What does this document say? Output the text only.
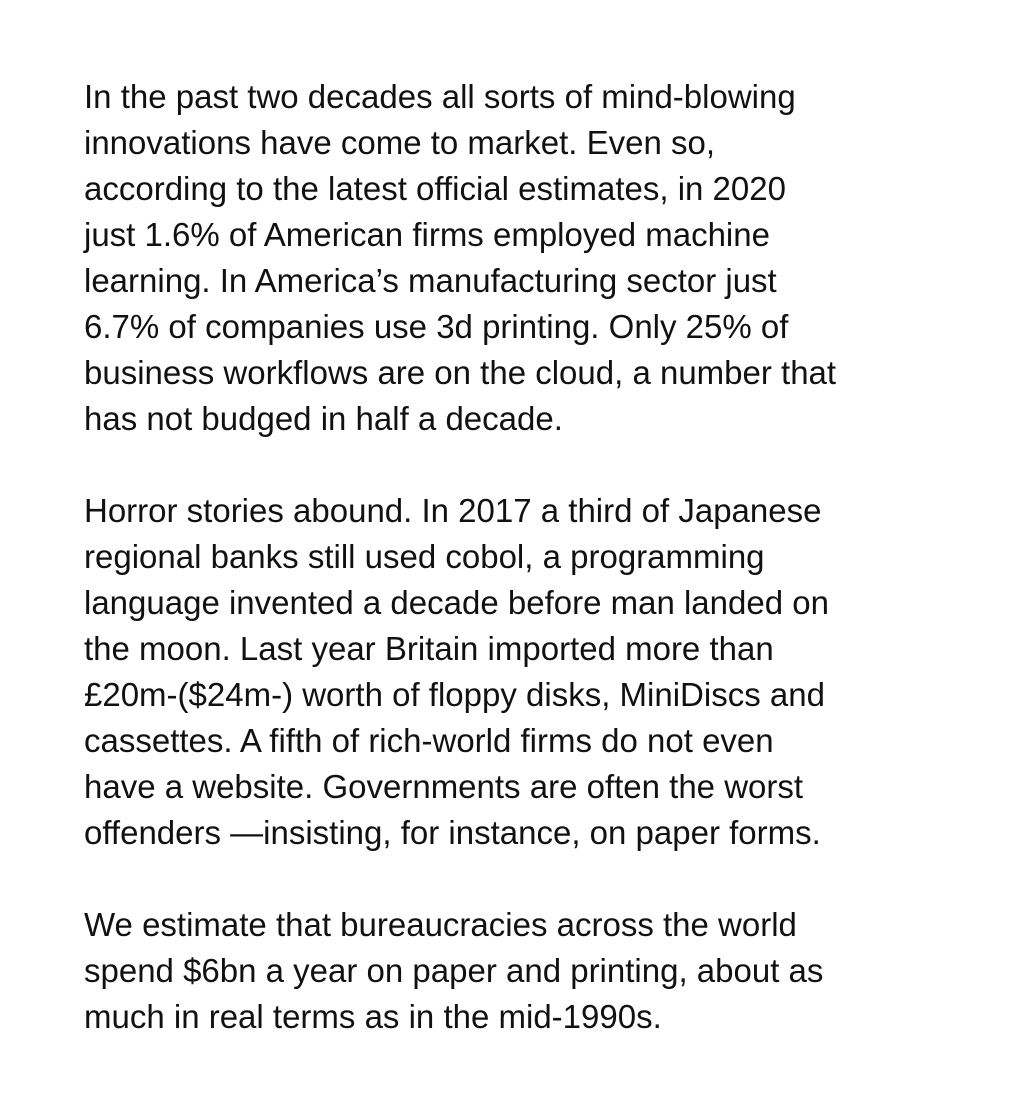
In the past two decades all sorts of mind-blowing
innovations have come to market. Even so,
according to the latest official estimates, in 2020
just 1.6% of American firms employed machine
learning. In America’s manufacturing sector just
6.7% of companies use 3d printing. Only 25% of
business workflows are on the cloud, a number that
has not budged in half a decade.
Horror stories abound. In 2017 a third of Japanese
regional banks still used cobol, a programming
language invented a decade before man landed on
the moon. Last year Britain imported more than
£20m-($24m-) worth of floppy disks, MiniDiscs and
cassettes. A fifth of rich-world firms do not even
have a website. Governments are often the worst
offenders —insisting, for instance, on paper forms.
We estimate that bureaucracies across the world
spend $6bn a year on paper and printing, about as
much in real terms as in the mid-1990s.
